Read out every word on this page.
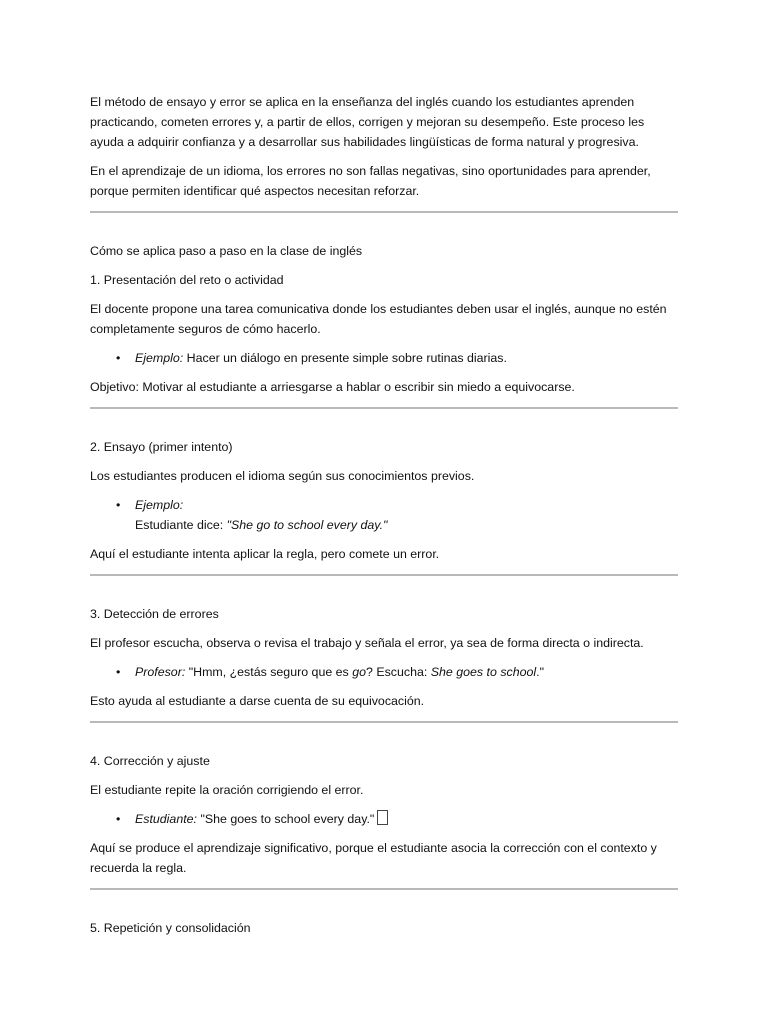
El método de ensayo y error se aplica en la enseñanza del inglés cuando los estudiantes aprenden practicando, cometen errores y, a partir de ellos, corrigen y mejoran su desempeño. Este proceso les ayuda a adquirir confianza y a desarrollar sus habilidades lingüísticas de forma natural y progresiva.

En el aprendizaje de un idioma, los errores no son fallas negativas, sino oportunidades para aprender, porque permiten identificar qué aspectos necesitan reforzar.

Cómo se aplica paso a paso en la clase de inglés

1. Presentación del reto o actividad

El docente propone una tarea comunicativa donde los estudiantes deben usar el inglés, aunque no estén completamente seguros de cómo hacerlo.

• Ejemplo: Hacer un diálogo en presente simple sobre rutinas diarias.

Objetivo: Motivar al estudiante a arriesgarse a hablar o escribir sin miedo a equivocarse.

2. Ensayo (primer intento)

Los estudiantes producen el idioma según sus conocimientos previos.

• Ejemplo:
Estudiante dice: "She go to school every day."

Aquí el estudiante intenta aplicar la regla, pero comete un error.

3. Detección de errores

El profesor escucha, observa o revisa el trabajo y señala el error, ya sea de forma directa o indirecta.

• Profesor: "Hmm, ¿estás seguro que es go? Escucha: She goes to school."

Esto ayuda al estudiante a darse cuenta de su equivocación.

4. Corrección y ajuste

El estudiante repite la oración corrigiendo el error.

• Estudiante: "She goes to school every day."

Aquí se produce el aprendizaje significativo, porque el estudiante asocia la corrección con el contexto y recuerda la regla.

5. Repetición y consolidación
